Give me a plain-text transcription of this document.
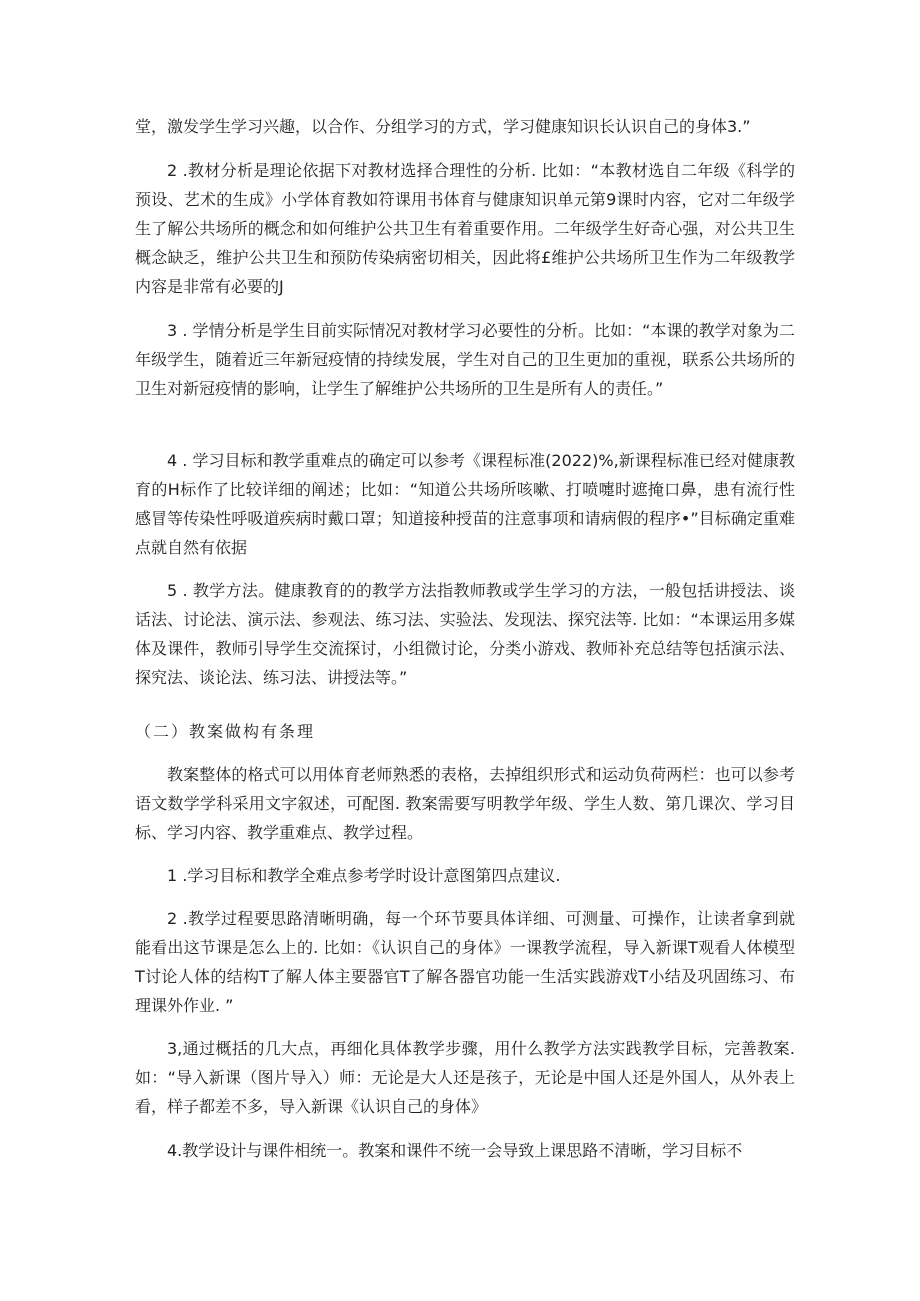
堂，激发学生学习兴趣，以合作、分组学习的方式，学习健康知识长认识自己的身体3.”

2 .教材分析是理论依据下对教材选择合理性的分析. 比如：“本教材选自二年级《科学的预设、艺术的生成》小学体育教如符课用书体育与健康知识单元第9课时内容，它对二年级学生了解公共场所的概念和如何维护公共卫生有着重要作用。二年级学生好奇心强，对公共卫生概念缺乏，维护公共卫生和预防传染病密切相关，因此将£维护公共场所卫生作为二年级教学内容是非常有必要的J

3 . 学情分析是学生目前实际情况对教材学习必要性的分析。比如：“本课的教学对象为二年级学生，随着近三年新冠疫情的持续发展，学生对自己的卫生更加的重视，联系公共场所的卫生对新冠疫情的影响，让学生了解维护公共场所的卫生是所有人的责任。”

4 . 学习目标和教学重难点的确定可以参考《课程标准(2022)%,新课程标准已经对健康教育的H标作了比较详细的阐述；比如：“知道公共场所咳嗽、打喷嚏时遮掩口鼻，患有流行性感冒等传染性呼吸道疾病时戴口罩；知道接种授苗的注意事项和请病假的程序•”目标确定重难点就自然有依据

5 . 教学方法。健康教育的的教学方法指教师教或学生学习的方法，一般包括讲授法、谈话法、讨论法、演示法、参观法、练习法、实验法、发现法、探究法等. 比如：“本课运用多媒体及课件，教师引导学生交流探讨，小组微讨论，分类小游戏、教师补充总结等包括演示法、探究法、谈论法、练习法、讲授法等。”

（二）教案做构有条理

教案整体的格式可以用体育老师熟悉的表格，去掉组织形式和运动负荷两栏：也可以参考语文数学学科采用文字叙述，可配图. 教案需要写明教学年级、学生人数、第几课次、学习目标、学习内容、教学重难点、教学过程。

1 .学习目标和教学全难点参考学时设计意图第四点建议.

2 .教学过程要思路清晰明确，每一个环节要具体详细、可测量、可操作，让读者拿到就能看出这节课是怎么上的. 比如：《认识自己的身体》一课教学流程，导入新课T观看人体模型T讨论人体的结构T了解人体主要器官T了解各器官功能一生活实践游戏T小结及巩固练习、布理课外作业. ”

3,通过概括的几大点，再细化具体教学步骤，用什么教学方法实践教学目标，完善教案. 如：“导入新课（图片导入）师：无论是大人还是孩子，无论是中国人还是外国人，从外表上看，样子都差不多，导入新课《认识自己的身体》

4.教学设计与课件相统一。教案和课件不统一会导致上课思路不清晰，学习目标不
